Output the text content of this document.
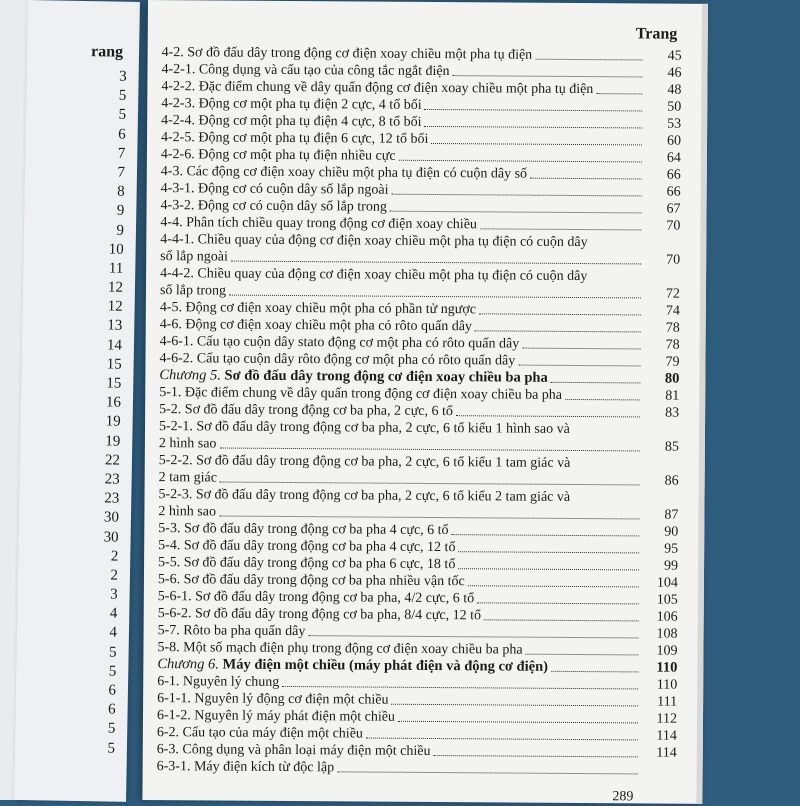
rang
3
5
5
6
7
7
8
9
9
10
11
12
12
13
14
15
15
16
19
19
22
23
23
30
30
2
2
3
4
4
5
5
6
6
5
5
Trang
4-2. Sơ đồ đấu dây trong động cơ điện xoay chiều một pha tụ điện	45
4-2-1. Công dụng và cấu tạo của công tắc ngắt điện	46
4-2-2. Đặc điểm chung về dây quấn động cơ điện xoay chiều một pha tụ điện	48
4-2-3. Động cơ một pha tụ điện 2 cực, 4 tổ bối	50
4-2-4. Động cơ một pha tụ điện 4 cực, 8 tổ bối	53
4-2-5. Động cơ một pha tụ điện 6 cực, 12 tổ bối	60
4-2-6. Động cơ một pha tụ điện nhiều cực	64
4-3. Các động cơ điện xoay chiều một pha tụ điện có cuộn dây số	66
4-3-1. Động cơ có cuộn dây số lắp ngoài	66
4-3-2. Động cơ có cuộn dây số lắp trong	67
4-4. Phân tích chiều quay trong động cơ điện xoay chiều	70
4-4-1. Chiều quay của động cơ điện xoay chiều một pha tụ điện có cuộn dây
số lắp ngoài	70
4-4-2. Chiều quay của động cơ điện xoay chiều một pha tụ điện có cuộn dây
số lắp trong	72
4-5. Động cơ điện xoay chiều một pha có phần tử ngược	74
4-6. Động cơ điện xoay chiều một pha có rôto quấn dây	78
4-6-1. Cấu tạo cuộn dây stato động cơ một pha có rôto quấn dây	78
4-6-2. Cấu tạo cuộn dây rôto động cơ một pha có rôto quấn dây	79
Chương 5. Sơ đồ đấu dây trong động cơ điện xoay chiều ba pha	80
5-1. Đặc điểm chung về dây quấn trong động cơ điện xoay chiều ba pha	81
5-2. Sơ đồ đấu dây trong động cơ ba pha, 2 cực, 6 tổ	83
5-2-1. Sơ đồ đấu dây trong động cơ ba pha, 2 cực, 6 tổ kiểu 1 hình sao và
2 hình sao	85
5-2-2. Sơ đồ đấu dây trong động cơ ba pha, 2 cực, 6 tổ kiểu 1 tam giác và
2 tam giác	86
5-2-3. Sơ đồ đấu dây trong động cơ ba pha, 2 cực, 6 tổ kiểu 2 tam giác và
2 hình sao	87
5-3. Sơ đồ đấu dây trong động cơ ba pha 4 cực, 6 tổ	90
5-4. Sơ đồ đấu dây trong động cơ ba pha 4 cực, 12 tổ	95
5-5. Sơ đồ đấu dây trong động cơ ba pha 6 cực, 18 tổ	99
5-6. Sơ đồ đấu dây trong động cơ ba pha nhiều vận tốc	104
5-6-1. Sơ đồ đấu dây trong động cơ ba pha, 4/2 cực, 6 tổ	105
5-6-2. Sơ đồ đấu dây trong động cơ ba pha, 8/4 cực, 12 tổ	106
5-7. Rôto ba pha quấn dây	108
5-8. Một số mạch điện phụ trong động cơ điện xoay chiều ba pha	109
Chương 6. Máy điện một chiều (máy phát điện và động cơ điện)	110
6-1. Nguyên lý chung	110
6-1-1. Nguyên lý động cơ điện một chiều	111
6-1-2. Nguyên lý máy phát điện một chiều	112
6-2. Cấu tạo của máy điện một chiều	114
6-3. Công dụng và phân loại máy điện một chiều	114
6-3-1. Máy điện kích từ độc lập
289
